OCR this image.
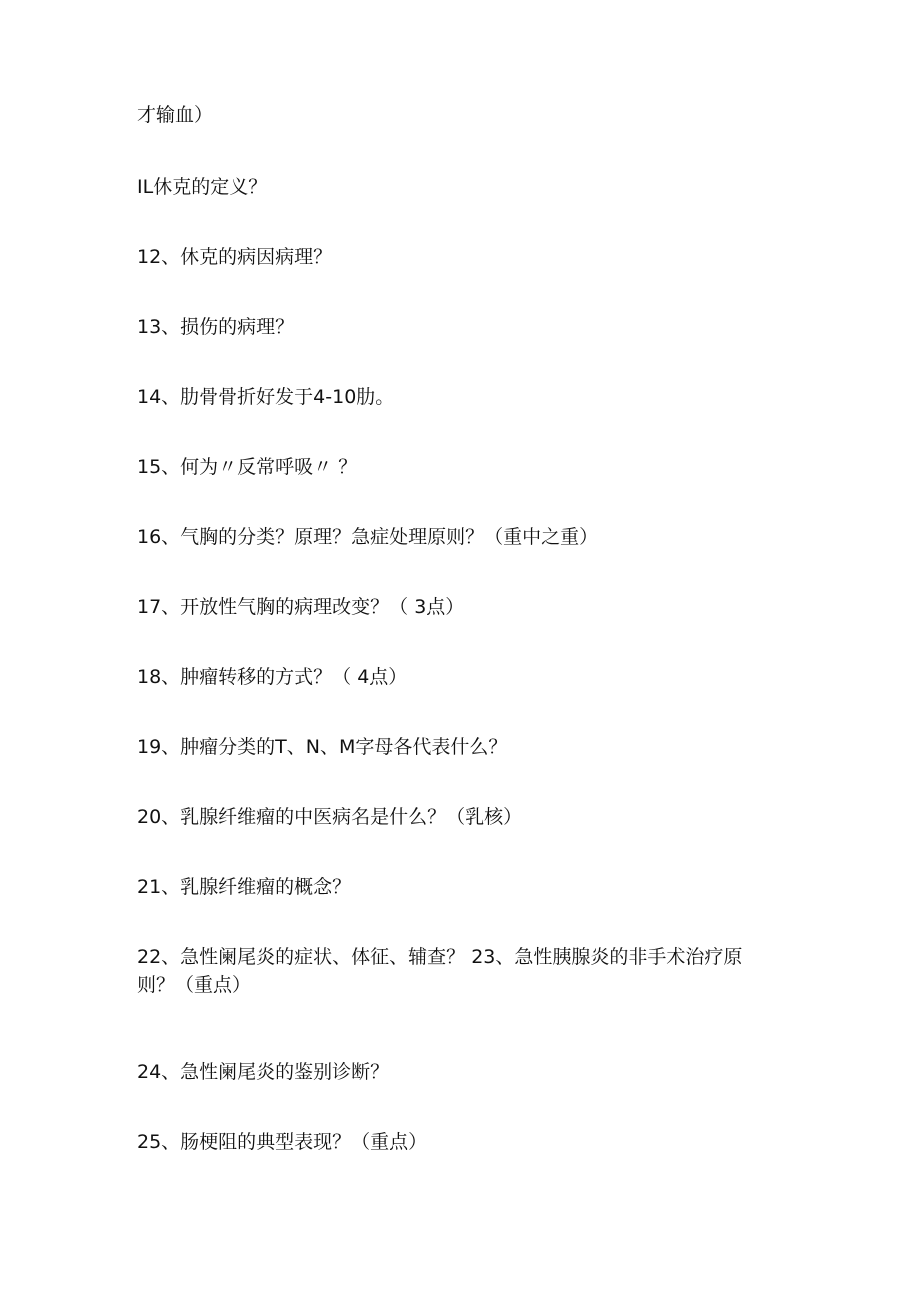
才输血）
IL休克的定义？
12、休克的病因病理？
13、损伤的病理？
14、肋骨骨折好发于4-10肋。
15、何为〃反常呼吸〃 ？
16、气胸的分类？原理？急症处理原则？（重中之重）
17、开放性气胸的病理改变？（ 3点）
18、肿瘤转移的方式？（ 4点）
19、肿瘤分类的T、N、M字母各代表什么？
20、乳腺纤维瘤的中医病名是什么？（乳核）
21、乳腺纤维瘤的概念？
22、急性阑尾炎的症状、体征、辅查？ 23、急性胰腺炎的非手术治疗原
则？（重点）
24、急性阑尾炎的鉴别诊断？
25、肠梗阻的典型表现？（重点）
